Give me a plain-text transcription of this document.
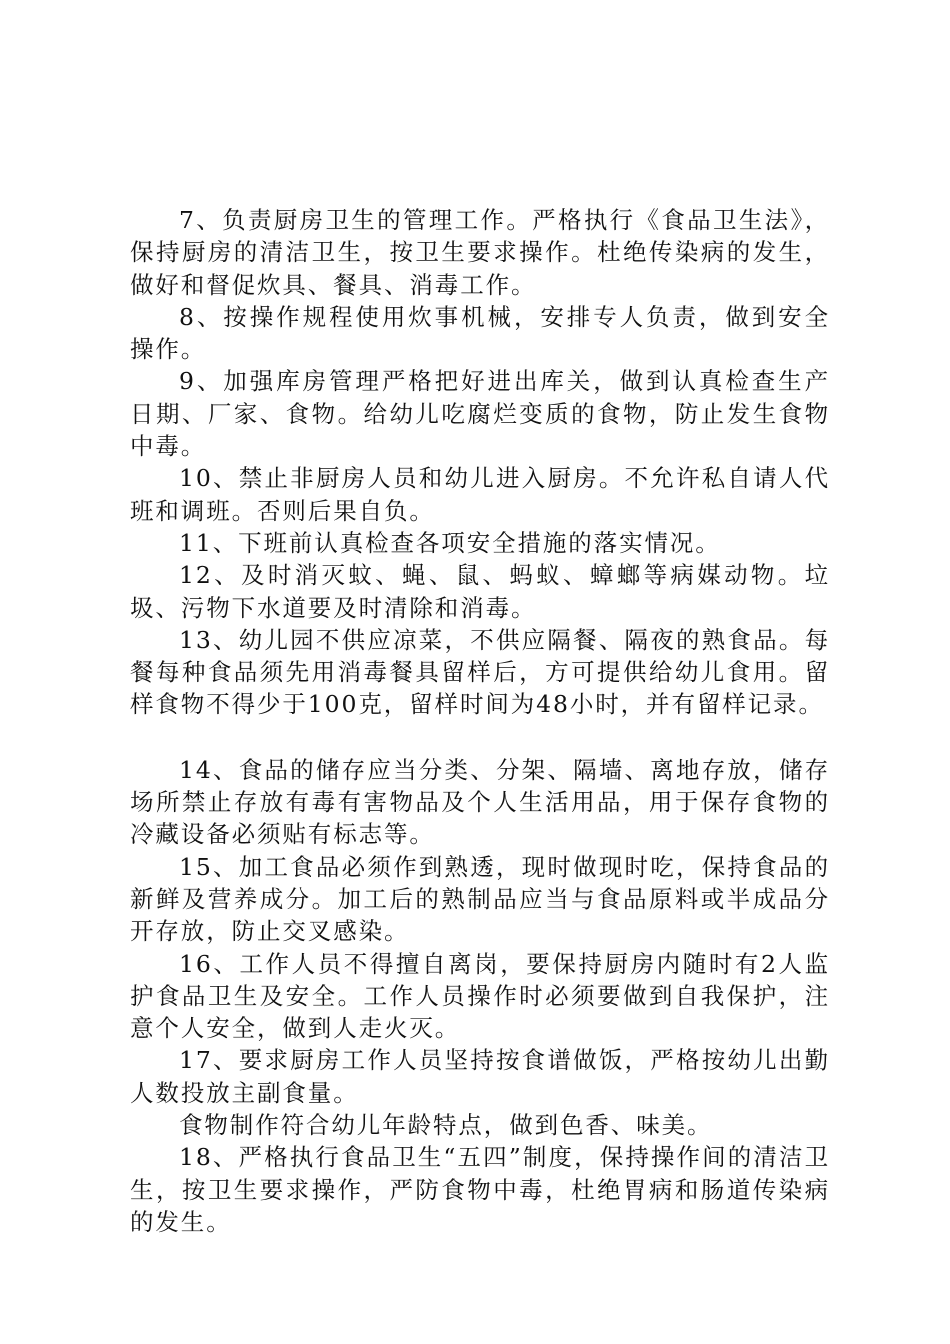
7、负责厨房卫生的管理工作。严格执行《食品卫生法》，保持厨房的清洁卫生，按卫生要求操作。杜绝传染病的发生，做好和督促炊具、餐具、消毒工作。

8、按操作规程使用炊事机械，安排专人负责，做到安全操作。

9、加强库房管理严格把好进出库关，做到认真检查生产日期、厂家、食物。给幼儿吃腐烂变质的食物，防止发生食物中毒。

10、禁止非厨房人员和幼儿进入厨房。不允许私自请人代班和调班。否则后果自负。

11、下班前认真检查各项安全措施的落实情况。

12、及时消灭蚊、蝇、鼠、蚂蚁、蟑螂等病媒动物。垃圾、污物下水道要及时清除和消毒。

13、幼儿园不供应凉菜，不供应隔餐、隔夜的熟食品。每餐每种食品须先用消毒餐具留样后，方可提供给幼儿食用。留样食物不得少于100克，留样时间为48小时，并有留样记录。

14、食品的储存应当分类、分架、隔墙、离地存放，储存场所禁止存放有毒有害物品及个人生活用品，用于保存食物的冷藏设备必须贴有标志等。

15、加工食品必须作到熟透，现时做现时吃，保持食品的新鲜及营养成分。加工后的熟制品应当与食品原料或半成品分开存放，防止交叉感染。

16、工作人员不得擅自离岗，要保持厨房内随时有2人监护食品卫生及安全。工作人员操作时必须要做到自我保护，注意个人安全，做到人走火灭。

17、要求厨房工作人员坚持按食谱做饭，严格按幼儿出勤人数投放主副食量。

食物制作符合幼儿年龄特点，做到色香、味美。

18、严格执行食品卫生“五四”制度，保持操作间的清洁卫生，按卫生要求操作，严防食物中毒，杜绝胃病和肠道传染病的发生。
